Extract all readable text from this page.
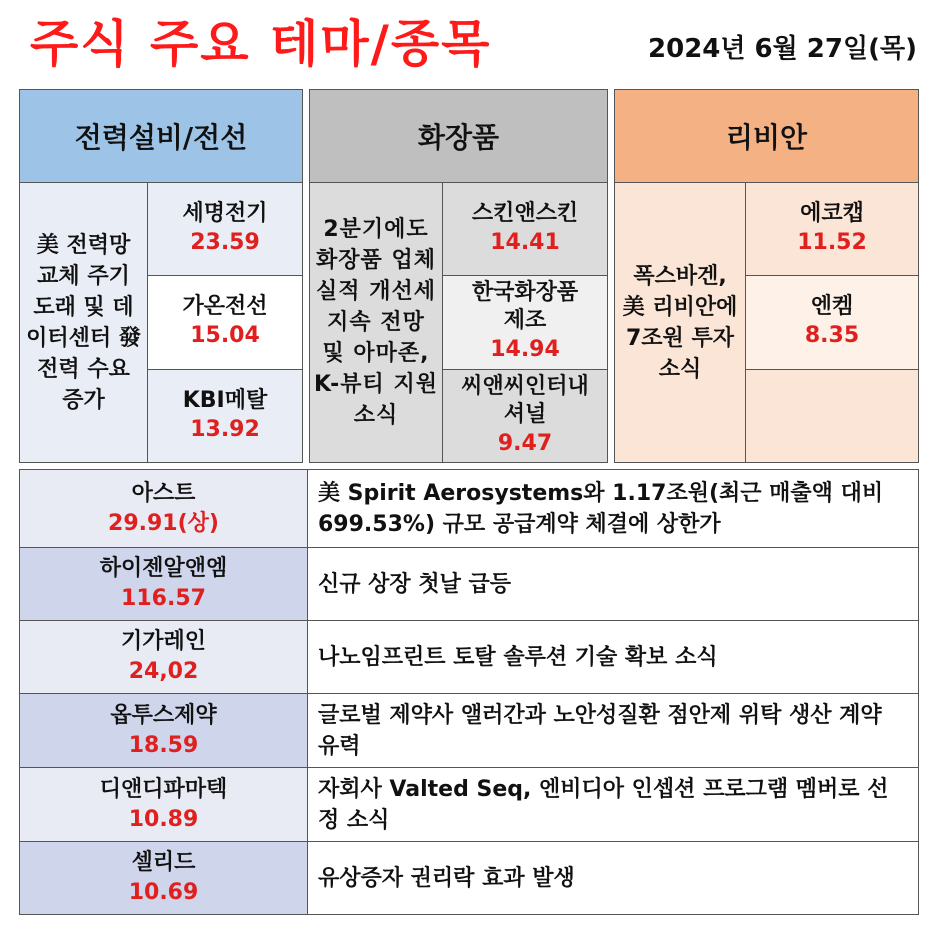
주식 주요 테마/종목	2024년 6월 27일(목)
전력설비/전선
美 전력망 교체 주기 도래 및 데이터센터 發 전력 수요 증가
세명전기
23.59
가온전선
15.04
KBI메탈
13.92
화장품
2분기에도 화장품 업체 실적 개선세 지속 전망 및 아마존, K-뷰티 지원 소식
스킨앤스킨
14.41
한국화장품제조
14.94
씨앤씨인터내셔널
9.47
리비안
폭스바겐, 美 리비안에 7조원 투자 소식
에코캡
11.52
엔켐
8.35
아스트
29.91(상)
美 Spirit Aerosystems와 1.17조원(최근 매출액 대비 699.53%) 규모 공급계약 체결에 상한가
하이젠알앤엠
116.57
신규 상장 첫날 급등
기가레인
24,02
나노임프린트 토탈 솔루션 기술 확보 소식
옵투스제약
18.59
글로벌 제약사 앨러간과 노안성질환 점안제 위탁 생산 계약 유력
디앤디파마텍
10.89
자회사 Valted Seq, 엔비디아 인셉션 프로그램 멤버로 선정 소식
셀리드
10.69
유상증자 권리락 효과 발생
